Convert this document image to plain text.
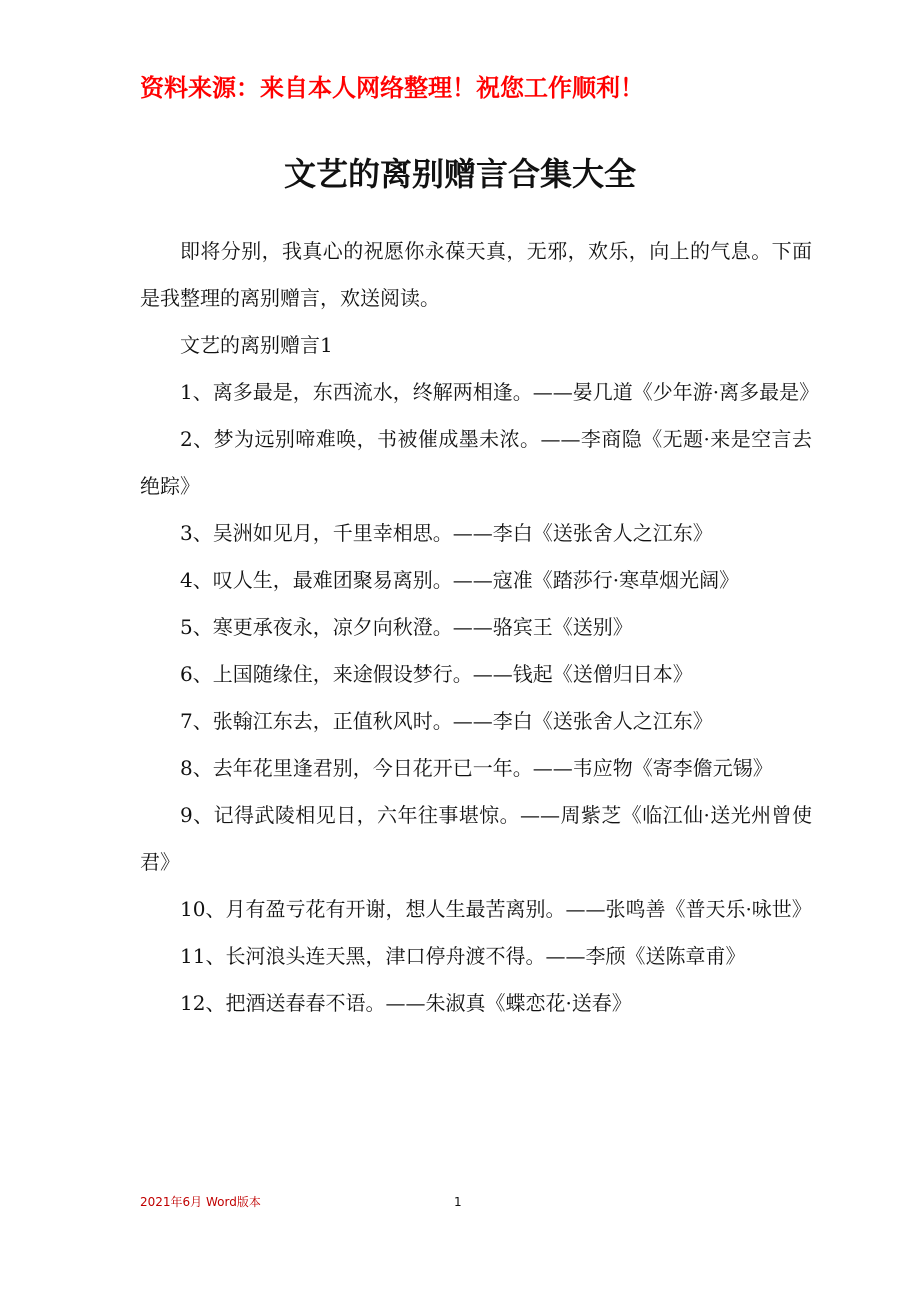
资料来源：来自本人网络整理！祝您工作顺利！
文艺的离别赠言合集大全

即将分别，我真心的祝愿你永葆天真，无邪，欢乐，向上的气息。下面是我整理的离别赠言，欢送阅读。

文艺的离别赠言1

1、离多最是，东西流水，终解两相逢。——晏几道《少年游·离多最是》

2、梦为远别啼难唤，书被催成墨未浓。——李商隐《无题·来是空言去绝踪》

3、吴洲如见月，千里幸相思。——李白《送张舍人之江东》

4、叹人生，最难团聚易离别。——寇准《踏莎行·寒草烟光阔》

5、寒更承夜永，凉夕向秋澄。——骆宾王《送别》

6、上国随缘住，来途假设梦行。——钱起《送僧归日本》

7、张翰江东去，正值秋风时。——李白《送张舍人之江东》

8、去年花里逢君别，今日花开已一年。——韦应物《寄李儋元锡》

9、记得武陵相见日，六年往事堪惊。——周紫芝《临江仙·送光州曾使君》

10、月有盈亏花有开谢，想人生最苦离别。——张鸣善《普天乐·咏世》

11、长河浪头连天黑，津口停舟渡不得。——李颀《送陈章甫》

12、把酒送春春不语。——朱淑真《蝶恋花·送春》

2021年6月 Word版本	1
